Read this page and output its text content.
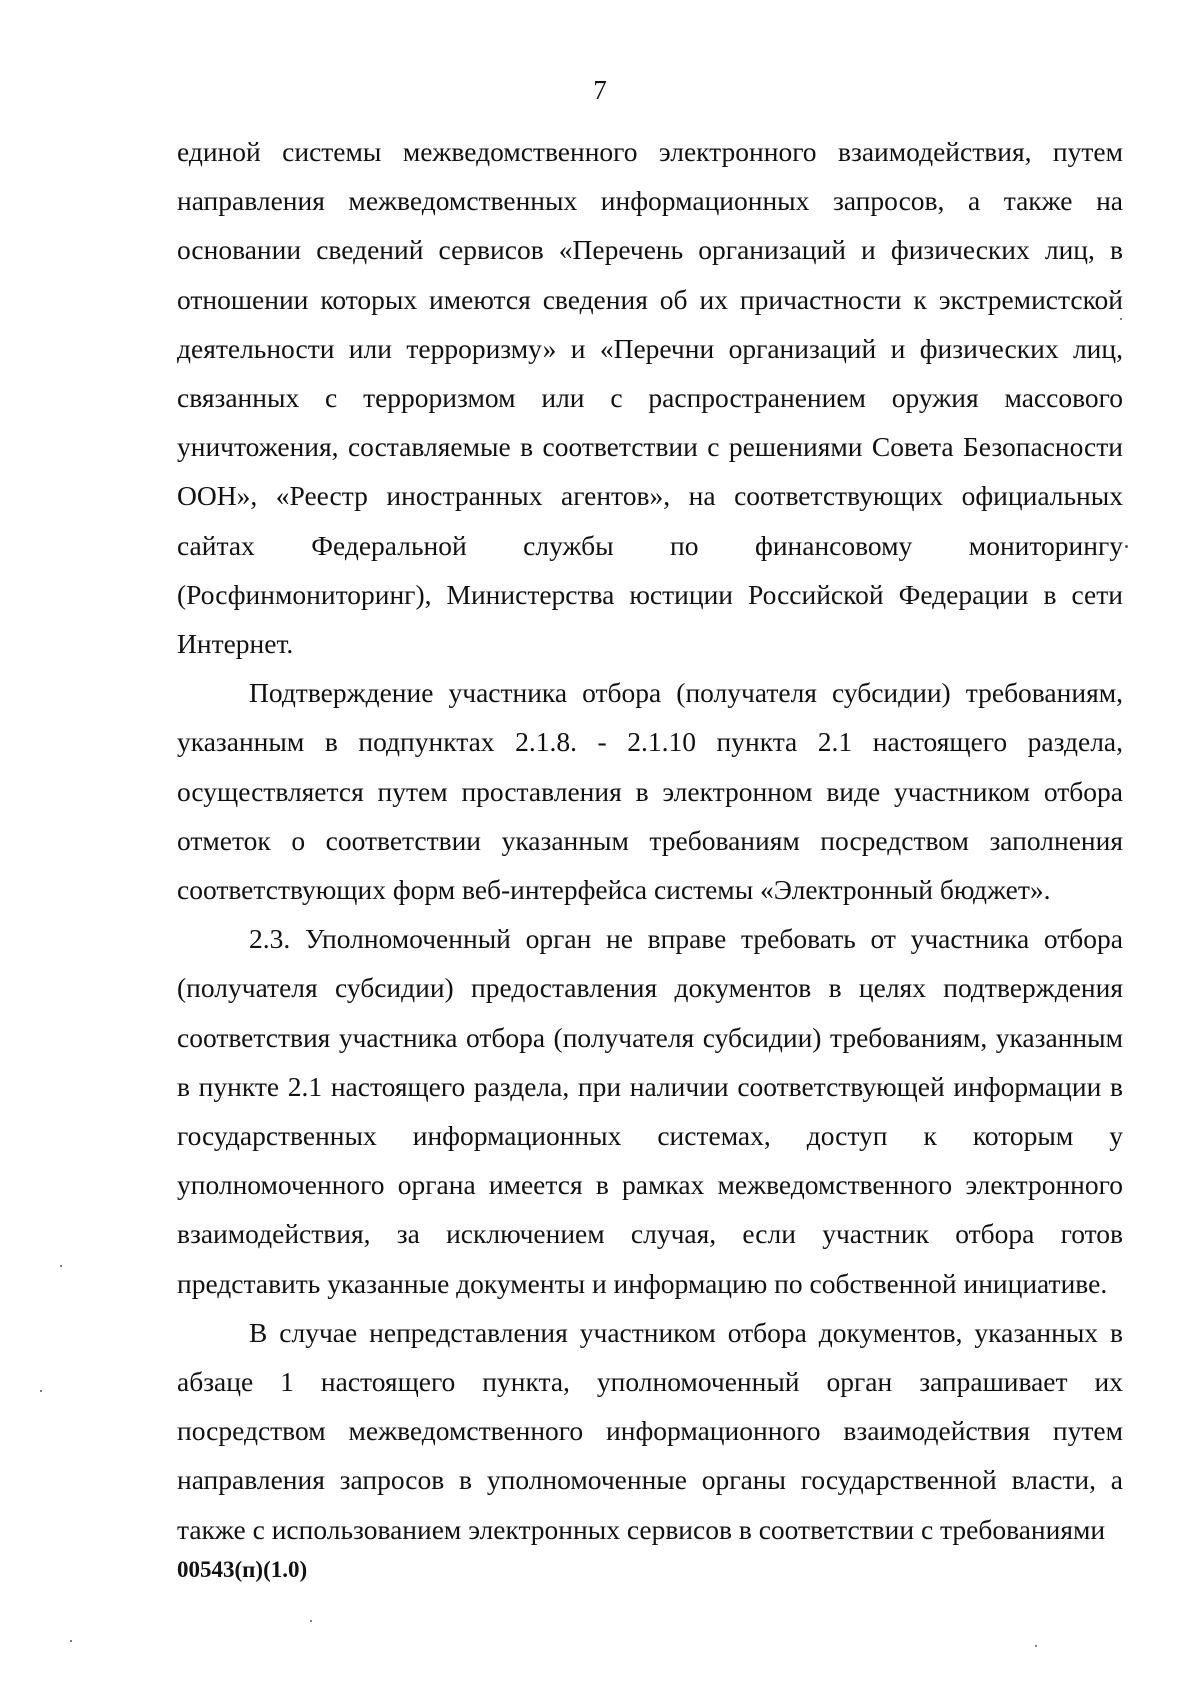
7

единой системы межведомственного электронного взаимодействия, путем направления межведомственных информационных запросов, а также на основании сведений сервисов «Перечень организаций и физических лиц, в отношении которых имеются сведения об их причастности к экстремистской деятельности или терроризму» и «Перечни организаций и физических лиц, связанных с терроризмом или с распространением оружия массового уничтожения, составляемые в соответствии с решениями Совета Безопасности ООН», «Реестр иностранных агентов», на соответствующих официальных сайтах Федеральной службы по финансовому мониторингу (Росфинмониторинг), Министерства юстиции Российской Федерации в сети Интернет.

Подтверждение участника отбора (получателя субсидии) требованиям, указанным в подпунктах 2.1.8. - 2.1.10 пункта 2.1 настоящего раздела, осуществляется путем проставления в электронном виде участником отбора отметок о соответствии указанным требованиям посредством заполнения соответствующих форм веб-интерфейса системы «Электронный бюджет».

2.3. Уполномоченный орган не вправе требовать от участника отбора (получателя субсидии) предоставления документов в целях подтверждения соответствия участника отбора (получателя субсидии) требованиям, указанным в пункте 2.1 настоящего раздела, при наличии соответствующей информации в государственных информационных системах, доступ к которым у уполномоченного органа имеется в рамках межведомственного электронного взаимодействия, за исключением случая, если участник отбора готов представить указанные документы и информацию по собственной инициативе.

В случае непредставления участником отбора документов, указанных в абзаце 1 настоящего пункта, уполномоченный орган запрашивает их посредством межведомственного информационного взаимодействия путем направления запросов в уполномоченные органы государственной власти, а также с использованием электронных сервисов в соответствии с требованиями

00543(п)(1.0)
